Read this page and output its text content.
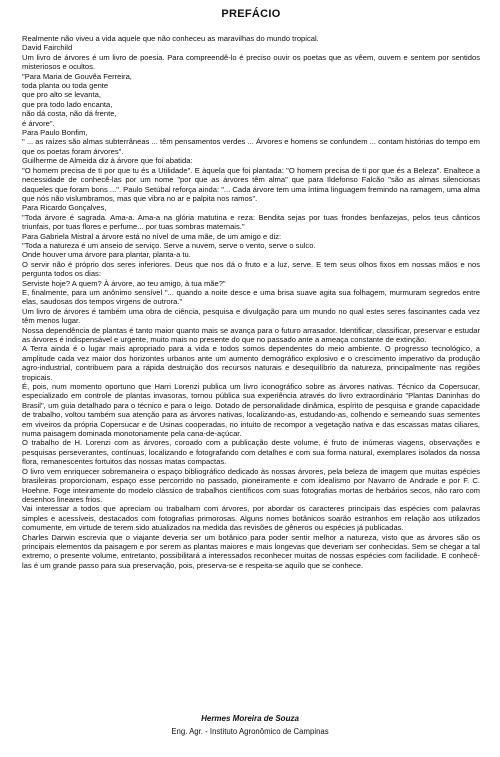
PREFÁCIO

Realmente não viveu a vida aquele que não conheceu as maravilhas do mundo tropical.

David Fairchild

Um livro de árvores é um livro de poesia. Para compreendê-lo é preciso ouvir os poetas que as vêem, ouvem e sentem por sentidos misteriosos e ocultos.

"Para Maria de Gouvêa Ferreira,

toda planta ou toda gente

que pro alto se levanta,

que pra todo lado encanta,

não dá costa, não dá frente,

é árvore".

Para Paulo Bonfim,

" ... as raízes são almas subterrâneas ... têm pensamentos verdes ... Árvores e homens se confundem ... contam histórias do tempo em que os poetas foram árvores".

Guilherme de Almeida diz à árvore que foi abatida:

"O homem precisa de ti por que tu és a Utilidade". E àquela que foi plantada: "O homem precisa de ti por que és a Beleza". Enaltece a necessidade de conhecê-las por um nome "por que as árvores têm alma" que para Ildefonso Falcão "são as almas silenciosas daqueles que foram bons ...". Paulo Setúbal reforça ainda: "... Cada árvore tem uma íntima linguagem fremindo na ramagem, uma alma que nós não vislumbramos, mas que vibra no ar e palpita nos ramos".

Para Ricardo Gonçalves,

"Toda árvore é sagrada. Ama-a. Ama-a na glória matutina e reza: Bendita sejas por tuas frondes benfazejas, pelos teus cânticos triunfais, por tuas flores e perfume... por tuas sombras maternais."

Para Gabriela Mistral a árvore está no nível de uma mãe, de um amigo e diz:

"Toda a natureza é um anseio de serviço. Serve a nuvem, serve o vento, serve o sulco.

Onde houver uma árvore para plantar, planta-a tu.

O servir não é próprio dos seres inferiores. Deus que nos dá o fruto e a luz, serve. E tem seus olhos fixos em nossas mãos e nos pergunta todos os dias:

Serviste hoje? A quem? À árvore, ao teu amigo, à tua mãe?"

E, finalmente, para um anônimo sensível "... quando a noite desce e uma brisa suave agita sua folhagem, murmuram segredos entre elas, saudosas dos tempos virgens de outrora."

Um livro de árvores é também uma obra de ciência, pesquisa e divulgação para um mundo no qual estes seres fascinantes cada vez têm menos lugar.

Nossa dependência de plantas é tanto maior quanto mais se avança para o futuro arrasador. Identificar, classificar, preservar e estudar as árvores é indispensável e urgente, muito mais no presente do que no passado ante a ameaça constante de extinção.

A Terra ainda é o lugar mais apropriado para a vida e todos somos dependentes do meio ambiente. O progresso tecnológico, a amplitude cada vez maior dos horizontes urbanos ante um aumento demográfico explosivo e o crescimento imperativo da produção agro-industrial, contribuem para a rápida destruição dos recursos naturais e desequilíbrio da natureza, principalmente nas regiões tropicais.

É, pois, num momento oportuno que Harri Lorenzi publica um livro iconográfico sobre as árvores nativas. Técnico da Copersucar, especializado em controle de plantas invasoras, tornou pública sua experiência através do livro extraordinário "Plantas Daninhas do Brasil", um guia detalhado para o técnico e para o leigo. Dotado de personalidade dinâmica, espírito de pesquisa e grande capacidade de trabalho, voltou também sua atenção para as árvores nativas, localizando-as, estudando-as, colhendo e semeando suas sementes em viveiros da própria Copersucar e de Usinas cooperadas, no intuito de recompor a vegetação nativa e das escassas matas ciliares, numa paisagem dominada monotonamente pela cana-de-açúcar.

O trabalho de H. Lorenzi com as árvores, coroado com a publicação deste volume, é fruto de inúmeras viagens, observações e pesquisas perseverantes, contínuas, localizando e fotografando com detalhes e com sua forma natural, exemplares isolados da nossa flora, remanescentes fortuitos das nossas matas compactas.

O livro vem enriquecer sobremaneira o espaço bibliográfico dedicado às nossas árvores, pela beleza de imagem que muitas espécies brasileiras proporcionam, espaço esse percorrido no passado, pioneiramente e com idealismo por Navarro de Andrade e por F. C. Hoehne. Foge inteiramente do modelo clássico de trabalhos científicos com suas fotografias mortas de herbários secos, não raro com desenhos lineares frios.

Vai interessar a todos que apreciam ou trabalham com árvores, por abordar os caracteres principais das espécies com palavras simples e acessíveis, destacados com fotografias primorosas. Alguns nomes botânicos soarão estranhos em relação aos utilizados comumente, em virtude de terem sido atualizados na medida das revisões de gêneros ou espécies já publicadas.

Charles Darwin escrevia que o viajante deveria ser um botânico para poder sentir melhor a natureza, visto que as árvores são os principais elementos da paisagem e por serem as plantas maiores e mais longevas que deveriam ser conhecidas. Sem se chegar a tal extremo, o presente volume, entretanto, possibilitará a interessados reconhecer muitas de nossas espécies com facilidade. E conhecê-las é um grande passo para sua preservação, pois, preserva-se e respeita-se aquilo que se conhece.

Hermes Moreira de Souza
Eng. Agr. - Instituto Agronômico de Campinas
